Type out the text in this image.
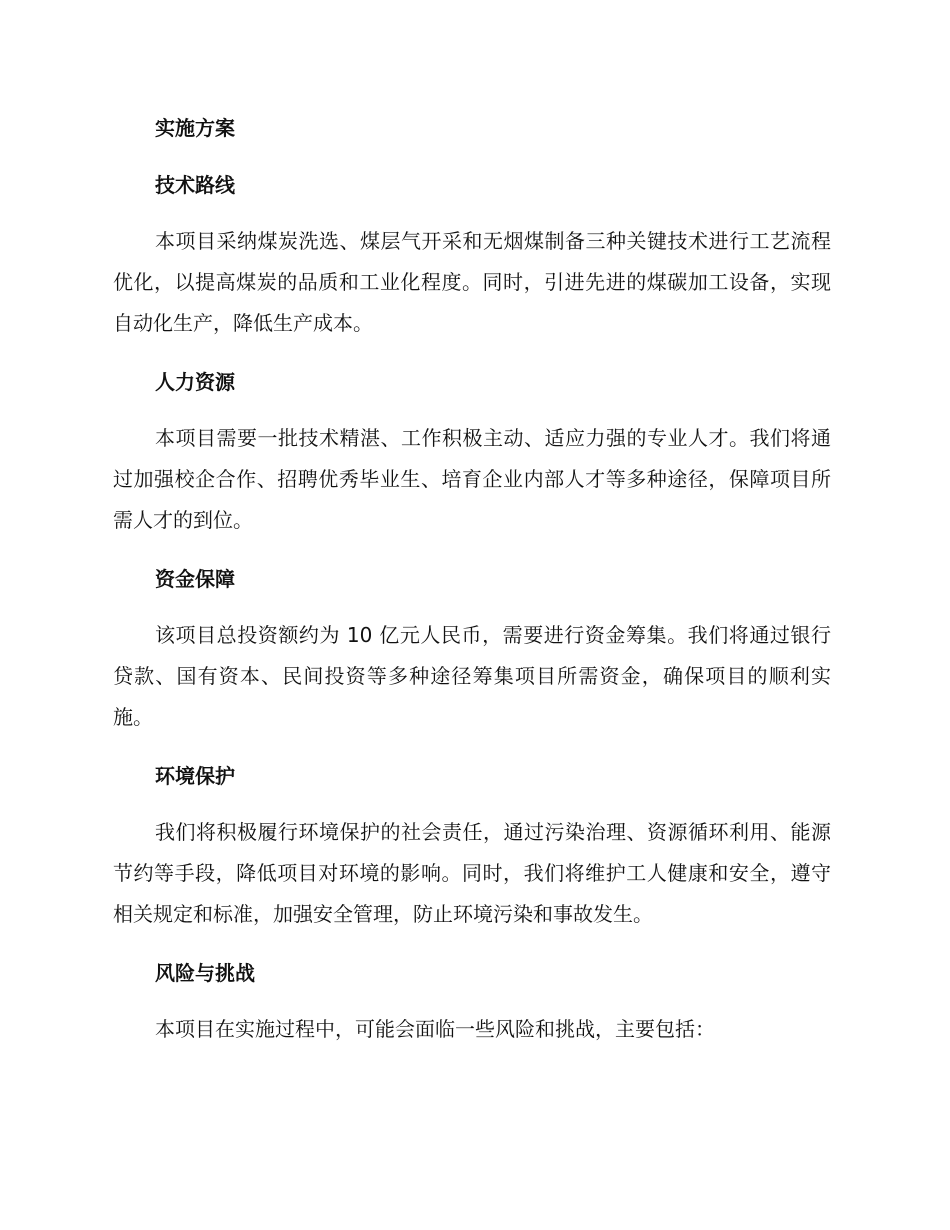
实施方案
技术路线

本项目采纳煤炭洗选、煤层气开采和无烟煤制备三种关键技术进行工艺流程优化，以提高煤炭的品质和工业化程度。同时，引进先进的煤碳加工设备，实现自动化生产，降低生产成本。

人力资源

本项目需要一批技术精湛、工作积极主动、适应力强的专业人才。我们将通过加强校企合作、招聘优秀毕业生、培育企业内部人才等多种途径，保障项目所需人才的到位。

资金保障

该项目总投资额约为 10 亿元人民币，需要进行资金筹集。我们将通过银行贷款、国有资本、民间投资等多种途径筹集项目所需资金，确保项目的顺利实施。

环境保护

我们将积极履行环境保护的社会责任，通过污染治理、资源循环利用、能源节约等手段，降低项目对环境的影响。同时，我们将维护工人健康和安全，遵守相关规定和标准，加强安全管理，防止环境污染和事故发生。

风险与挑战

本项目在实施过程中，可能会面临一些风险和挑战，主要包括：
